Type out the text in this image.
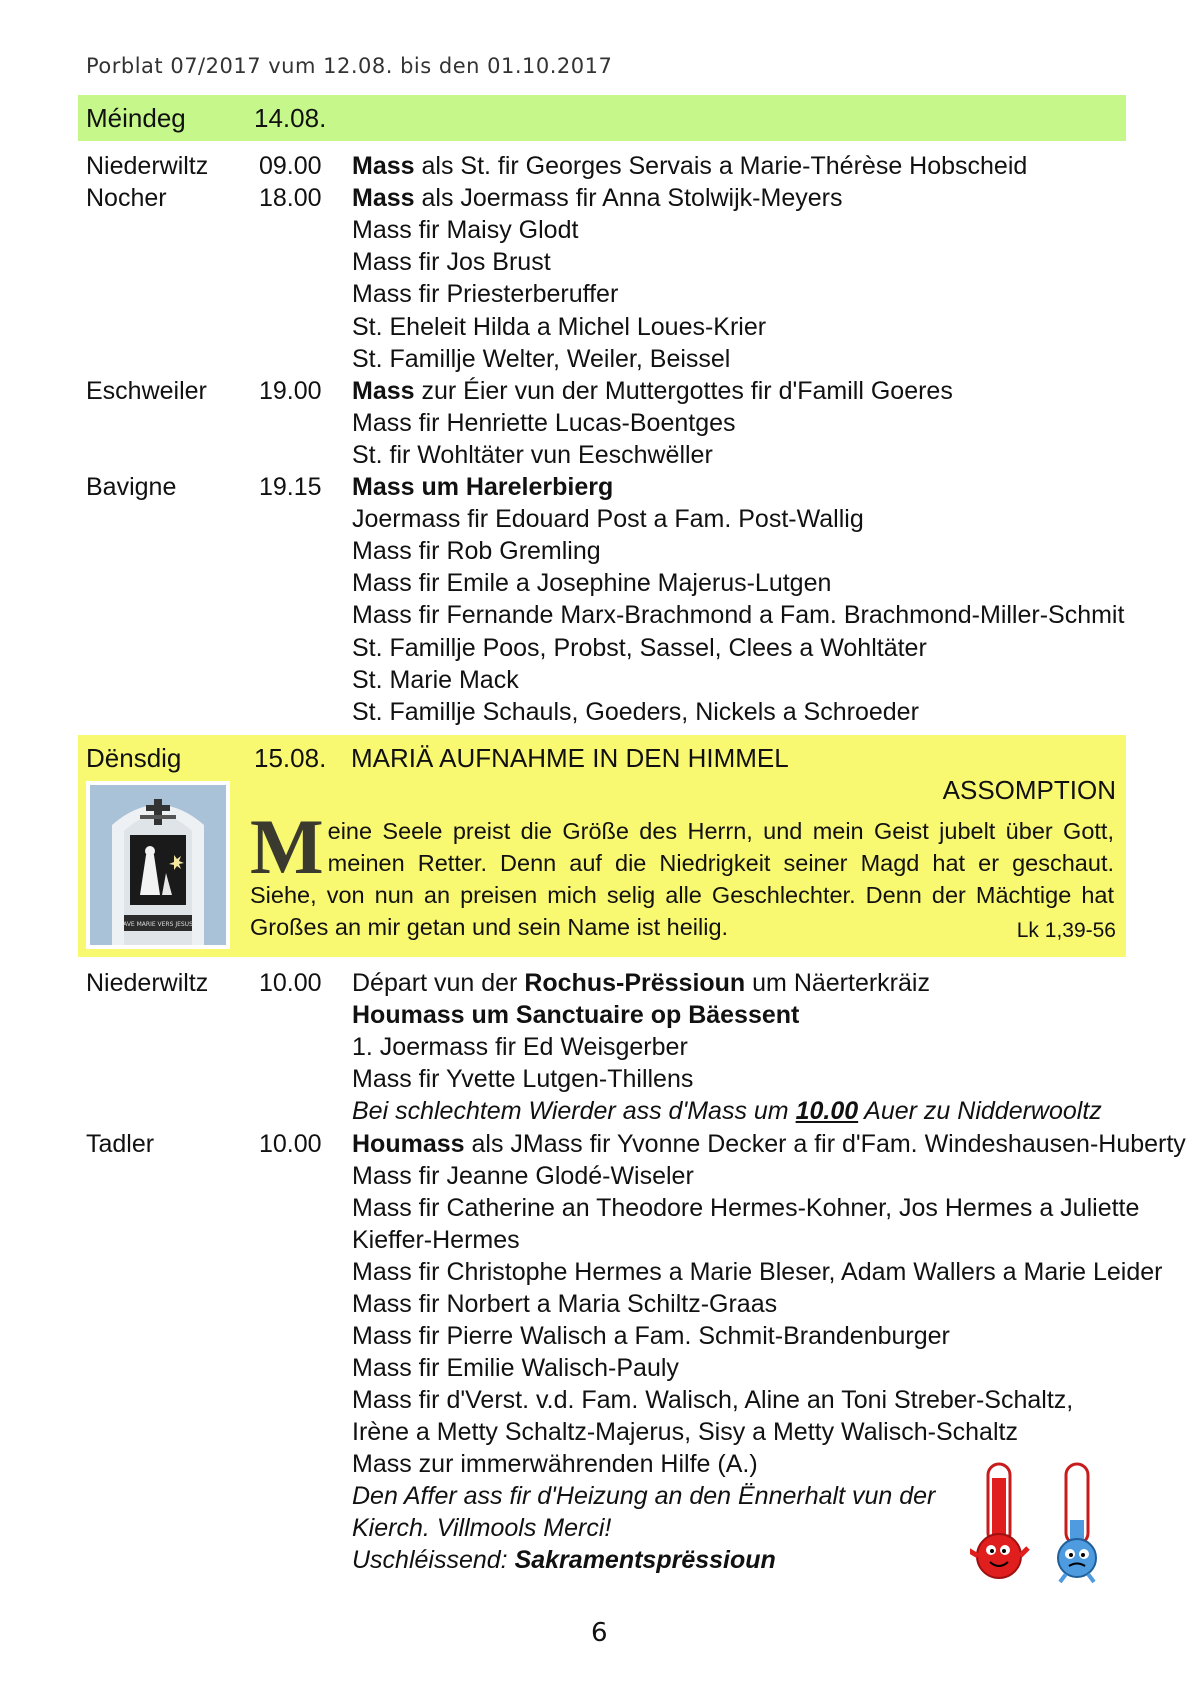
Porblat 07/2017 vum 12.08. bis den 01.10.2017
Méindeg	14.08.
Niederwiltz 09.00 Mass als St. fir Georges Servais a Marie-Thérèse Hobscheid
Nocher	18.00 Mass als Joermass fir Anna Stolwijk-Meyers
Mass fir Maisy Glodt
Mass fir Jos Brust
Mass fir Priesterberuffer
St. Eheleit Hilda a Michel Loues-Krier
St. Famillje Welter, Weiler, Beissel
Eschweiler 19.00 Mass zur Éier vun der Muttergottes fir d'Famill Goeres
Mass fir Henriette Lucas-Boentges
St. fir Wohltäter vun Eeschwëller
Bavigne	19.15 Mass um Harelerbierg
Joermass fir Edouard Post a Fam. Post-Wallig
Mass fir Rob Gremling
Mass fir Emile a Josephine Majerus-Lutgen
Mass fir Fernande Marx-Brachmond a Fam. Brachmond-Miller-Schmit
St. Famillje Poos, Probst, Sassel, Clees a Wohltäter
St. Marie Mack
St. Famillje Schauls, Goeders, Nickels a Schroeder
Dënsdig	15.08. MARIÄ AUFNAHME IN DEN HIMMEL
ASSOMPTION
AVE MARIE VERS JESUS
Meine Seele preist die Größe des Herrn, und mein Geist jubelt über Gott, meinen Retter. Denn auf die Niedrigkeit seiner Magd hat er geschaut. Siehe, von nun an preisen mich selig alle Geschlechter. Denn der Mächtige hat Großes an mir getan und sein Name ist heilig.	Lk 1,39-56
Niederwiltz 10.00 Départ vun der Rochus-Prëssioun um Näerterkräiz
Houmass um Sanctuaire op Bäessent
1. Joermass fir Ed Weisgerber
Mass fir Yvette Lutgen-Thillens
Bei schlechtem Wierder ass d'Mass um 10.00 Auer zu Nidderwooltz
Tadler	10.00 Houmass als JMass fir Yvonne Decker a fir d'Fam. Windeshausen-Huberty
Mass fir Jeanne Glodé-Wiseler
Mass fir Catherine an Theodore Hermes-Kohner, Jos Hermes a Juliette
Kieffer-Hermes
Mass fir Christophe Hermes a Marie Bleser, Adam Wallers a Marie Leider
Mass fir Norbert a Maria Schiltz-Graas
Mass fir Pierre Walisch a Fam. Schmit-Brandenburger
Mass fir Emilie Walisch-Pauly
Mass fir d'Verst. v.d. Fam. Walisch, Aline an Toni Streber-Schaltz,
Irène a Metty Schaltz-Majerus, Sisy a Metty Walisch-Schaltz
Mass zur immerwährenden Hilfe (A.)
Den Affer ass fir d'Heizung an den Ënnerhalt vun der
Kierch. Villmools Merci!
Uschléissend: Sakramentsprëssioun
6
